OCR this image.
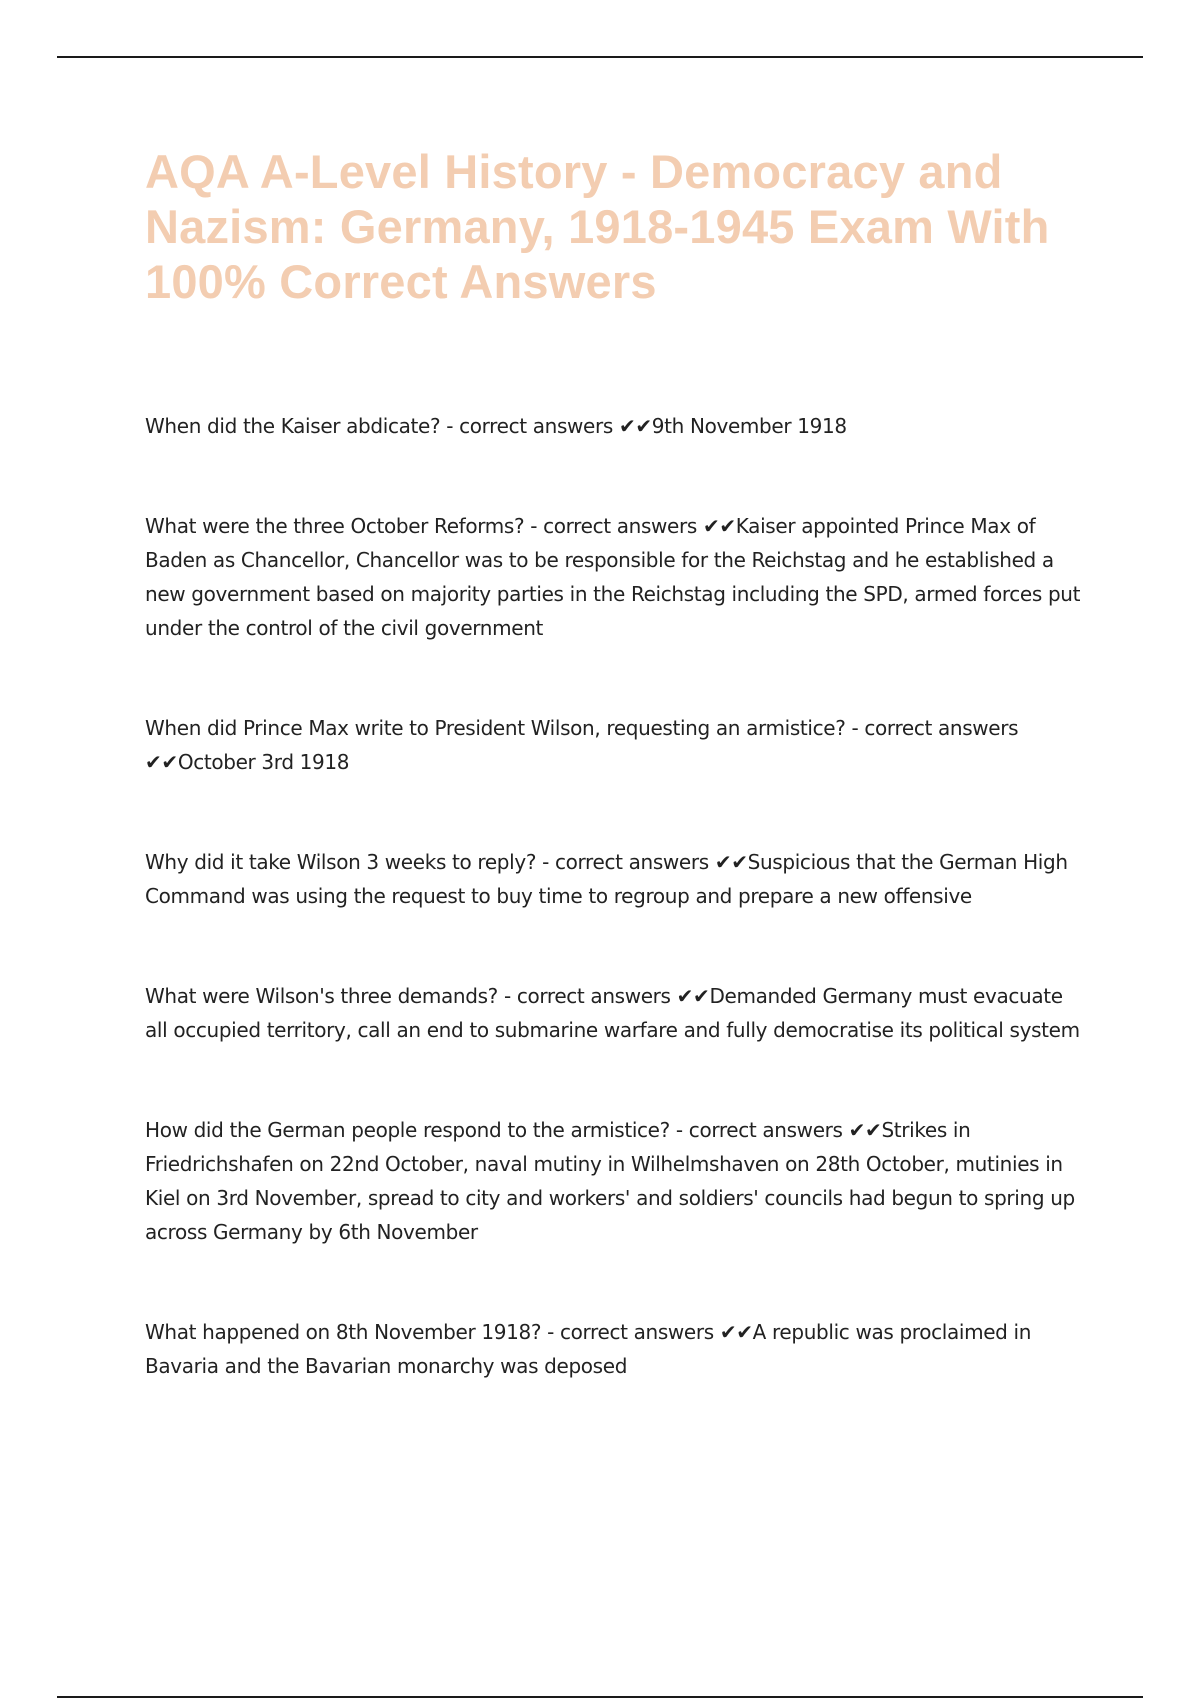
AQA A-Level History - Democracy and Nazism: Germany, 1918-1945 Exam With 100% Correct Answers

When did the Kaiser abdicate? - correct answers ✔✔9th November 1918

What were the three October Reforms? - correct answers ✔✔Kaiser appointed Prince Max of Baden as Chancellor, Chancellor was to be responsible for the Reichstag and he established a new government based on majority parties in the Reichstag including the SPD, armed forces put under the control of the civil government

When did Prince Max write to President Wilson, requesting an armistice? - correct answers ✔✔October 3rd 1918

Why did it take Wilson 3 weeks to reply? - correct answers ✔✔Suspicious that the German High Command was using the request to buy time to regroup and prepare a new offensive

What were Wilson's three demands? - correct answers ✔✔Demanded Germany must evacuate all occupied territory, call an end to submarine warfare and fully democratise its political system

How did the German people respond to the armistice? - correct answers ✔✔Strikes in Friedrichshafen on 22nd October, naval mutiny in Wilhelmshaven on 28th October, mutinies in Kiel on 3rd November, spread to city and workers' and soldiers' councils had begun to spring up across Germany by 6th November

What happened on 8th November 1918? - correct answers ✔✔A republic was proclaimed in Bavaria and the Bavarian monarchy was deposed
